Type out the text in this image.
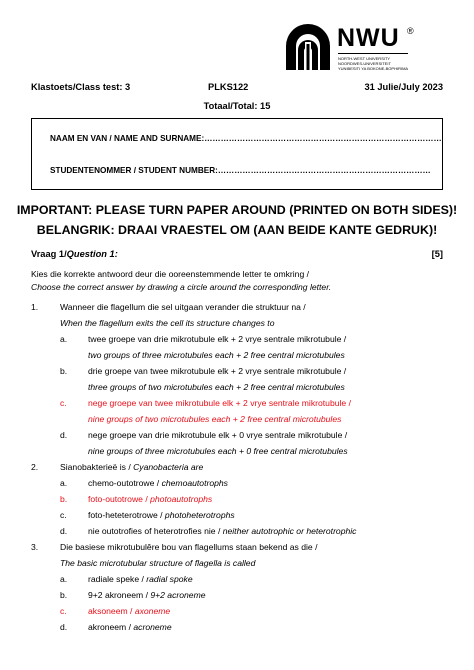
NWU ®
NORTH-WEST UNIVERSITY
NOORDWES-UNIVERSITEIT
YUNIBESITI YA BOKONE-BOPHIRIMA
Klastoets/Class test: 3	PLKS122	31 Julie/July 2023
Totaal/Total: 15
NAAM EN VAN / NAME AND SURNAME:……………………………………………………………………………
STUDENTENOMMER / STUDENT NUMBER:……………………………………………………………………
IMPORTANT: PLEASE TURN PAPER AROUND (PRINTED ON BOTH SIDES)!
BELANGRIK: DRAAI VRAESTEL OM (AAN BEIDE KANTE GEDRUK)!
Vraag 1/Question 1:	[5]
Kies die korrekte antwoord deur die ooreenstemmende letter te omkring /
Choose the correct answer by drawing a circle around the corresponding letter.
1.	Wanneer die flagellum die sel uitgaan verander die struktuur na /
When the flagellum exits the cell its structure changes to
a. twee groepe van drie mikrotubule elk + 2 vrye sentrale mikrotubule /
two groups of three microtubules each + 2 free central microtubules
b. drie groepe van twee mikrotubule elk + 2 vrye sentrale mikrotubule /
three groups of two microtubules each + 2 free central microtubules
c. nege groepe van twee mikrotubule elk + 2 vrye sentrale mikrotubule /
nine groups of two microtubules each + 2 free central microtubules
d. nege groepe van drie mikrotubule elk + 0 vrye sentrale mikrotubule /
nine groups of three microtubules each + 0 free central microtubules
2.	Sianobakterieë is / Cyanobacteria are
a. chemo-outotrowe / chemoautotrophs
b. foto-outotrowe / photoautotrophs
c. foto-heteterotrowe / photoheterotrophs
d. nie outotrofies of heterotrofies nie / neither autotrophic or heterotrophic
3.	Die basiese mikrotubulêre bou van flagellums staan bekend as die /
The basic microtubular structure of flagella is called
a. radiale speke / radial spoke
b. 9+2 akroneem / 9+2 acroneme
c. aksoneem / axoneme
d. akroneem / acroneme
